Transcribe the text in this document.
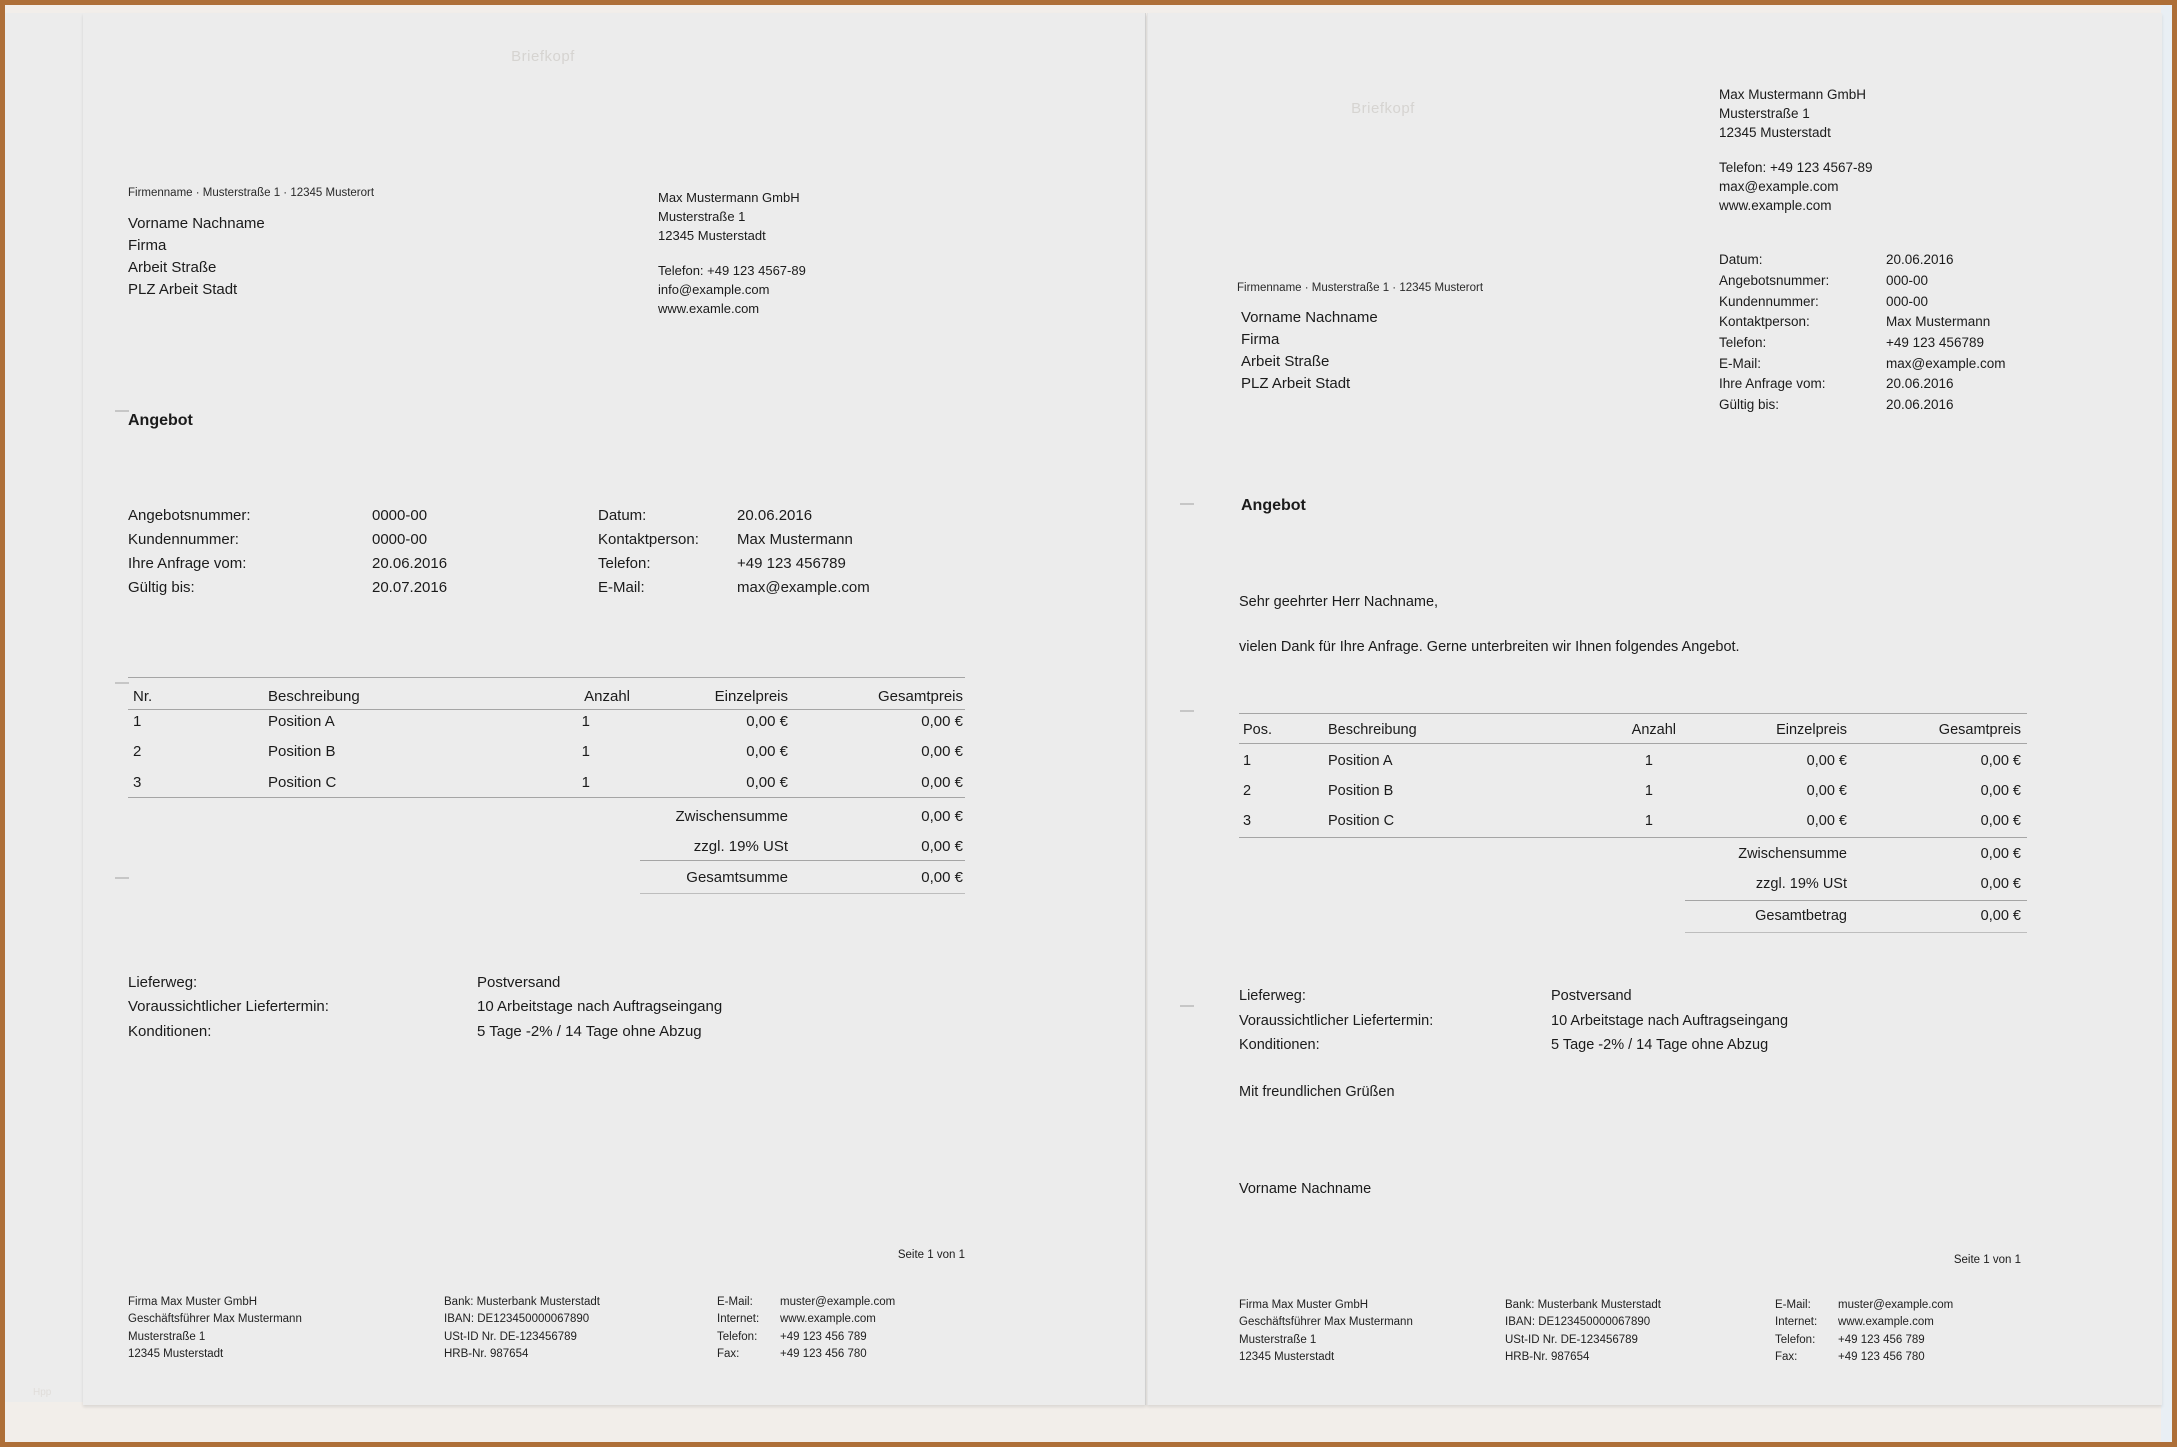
Hpp
Briefkopf
Max Mustermann GmbH
Musterstraße 1
12345 Musterstadt
Telefon: +49 123 4567-89
info@example.com
www.examle.com
Firmenname · Musterstraße 1 · 12345 Musterort
Vorname Nachname
Firma
Arbeit Straße
PLZ Arbeit Stadt
Angebot
Angebotsnummer:	0000-00	Datum:	20.06.2016
Kundennummer:	0000-00	Kontaktperson:	Max Mustermann
Ihre Anfrage vom:	20.06.2016	Telefon:	+49 123 456789
Gültig bis:	20.07.2016	E-Mail:	max@example.com
Nr.	Beschreibung	Anzahl	Einzelpreis	Gesamtpreis
1	Position A	1	0,00 €	0,00 €
2	Position B	1	0,00 €	0,00 €
3	Position C	1	0,00 €	0,00 €
Zwischensumme	0,00 €
zzgl. 19% USt	0,00 €
Gesamtsumme	0,00 €
Lieferweg:	Postversand
Voraussichtlicher Liefertermin:	10 Arbeitstage nach Auftragseingang
Konditionen:	5 Tage -2% / 14 Tage ohne Abzug
Seite 1 von 1
Firma Max Muster GmbH
Geschäftsführer Max Mustermann
Musterstraße 1
12345 Musterstadt
Bank: Musterbank Musterstadt
IBAN: DE123450000067890
USt-ID Nr. DE-123456789
HRB-Nr. 987654
E-Mail: muster@example.com
Internet: www.example.com
Telefon: +49 123 456 789
Fax:	+49 123 456 780
Briefkopf
Max Mustermann GmbH
Musterstraße 1
12345 Musterstadt
Telefon: +49 123 4567-89
max@example.com
www.example.com
Datum:	20.06.2016
Angebotsnummer:	000-00
Kundennummer:	000-00
Kontaktperson:	Max Mustermann
Telefon:	+49 123 456789
E-Mail:	max@example.com
Ihre Anfrage vom:	20.06.2016
Gültig bis:	20.06.2016
Firmenname · Musterstraße 1 · 12345 Musterort
Vorname Nachname
Firma
Arbeit Straße
PLZ Arbeit Stadt
Angebot
Sehr geehrter Herr Nachname,
vielen Dank für Ihre Anfrage. Gerne unterbreiten wir Ihnen folgendes Angebot.
Pos.	Beschreibung	Anzahl	Einzelpreis	Gesamtpreis
1	Position A	1	0,00 €	0,00 €
2	Position B	1	0,00 €	0,00 €
3	Position C	1	0,00 €	0,00 €
Zwischensumme	0,00 €
zzgl. 19% USt	0,00 €
Gesamtbetrag	0,00 €
Lieferweg:	Postversand
Voraussichtlicher Liefertermin:	10 Arbeitstage nach Auftragseingang
Konditionen:	5 Tage -2% / 14 Tage ohne Abzug
Mit freundlichen Grüßen
Vorname Nachname
Seite 1 von 1
Firma Max Muster GmbH
Geschäftsführer Max Mustermann
Musterstraße 1
12345 Musterstadt
Bank: Musterbank Musterstadt
IBAN: DE123450000067890
USt-ID Nr. DE-123456789
HRB-Nr. 987654
E-Mail: muster@example.com
Internet: www.example.com
Telefon: +49 123 456 789
Fax:	+49 123 456 780
